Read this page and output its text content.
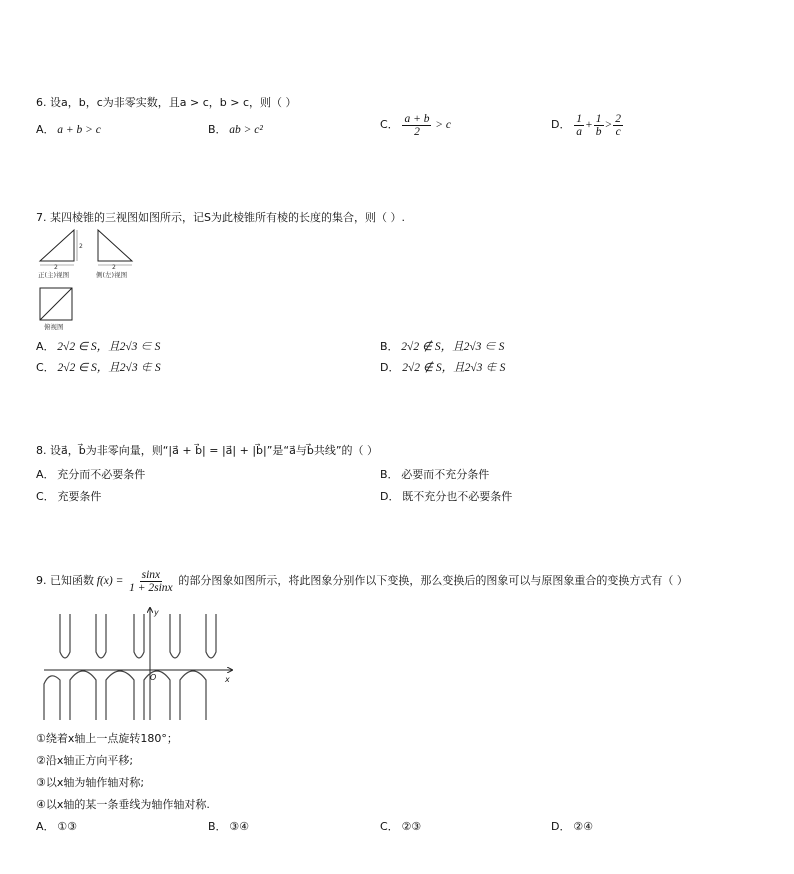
6. 设a，b，c为非零实数，且a > c，b > c，则（ ）
A． a + b > c	B． ab > c²	C． $\frac{a + b}{2} > c$	D． $\frac{1}{a} + \frac{1}{b} > \frac{2}{c}$
7. 某四棱锥的三视图如图所示，记S为此棱锥所有棱的长度的集合，则（ ）.
2
2
正(主)视图
2
侧(左)视图
俯视图
A． 2√2 ∈ S，且2√3 ∈ S	B． 2√2 ∉ S，且2√3 ∈ S
C． 2√2 ∈ S，且2√3 ∉ S	D． 2√2 ∉ S，且2√3 ∉ S
8. 设a⃗，b⃗为非零向量，则“|a⃗ + b⃗| = |a⃗| + |b⃗|”是“a⃗与b⃗共线”的（ ）
A． 充分而不必要条件	B． 必要而不充分条件
C． 充要条件	D． 既不充分也不必要条件
9. 已知函数 $f(x) = \frac{\sin x}{1 + 2\sin x}$ 的部分图象如图所示，将此图象分别作以下变换，那么变换后的图象可以与原图象重合的变换方式有（ ）
x
y
O
①绕着x轴上一点旋转180°；
②沿x轴正方向平移;
③以x轴为轴作轴对称;
④以x轴的某一条垂线为轴作轴对称.
A． ①③	B． ③④	C． ②③	D． ②④
